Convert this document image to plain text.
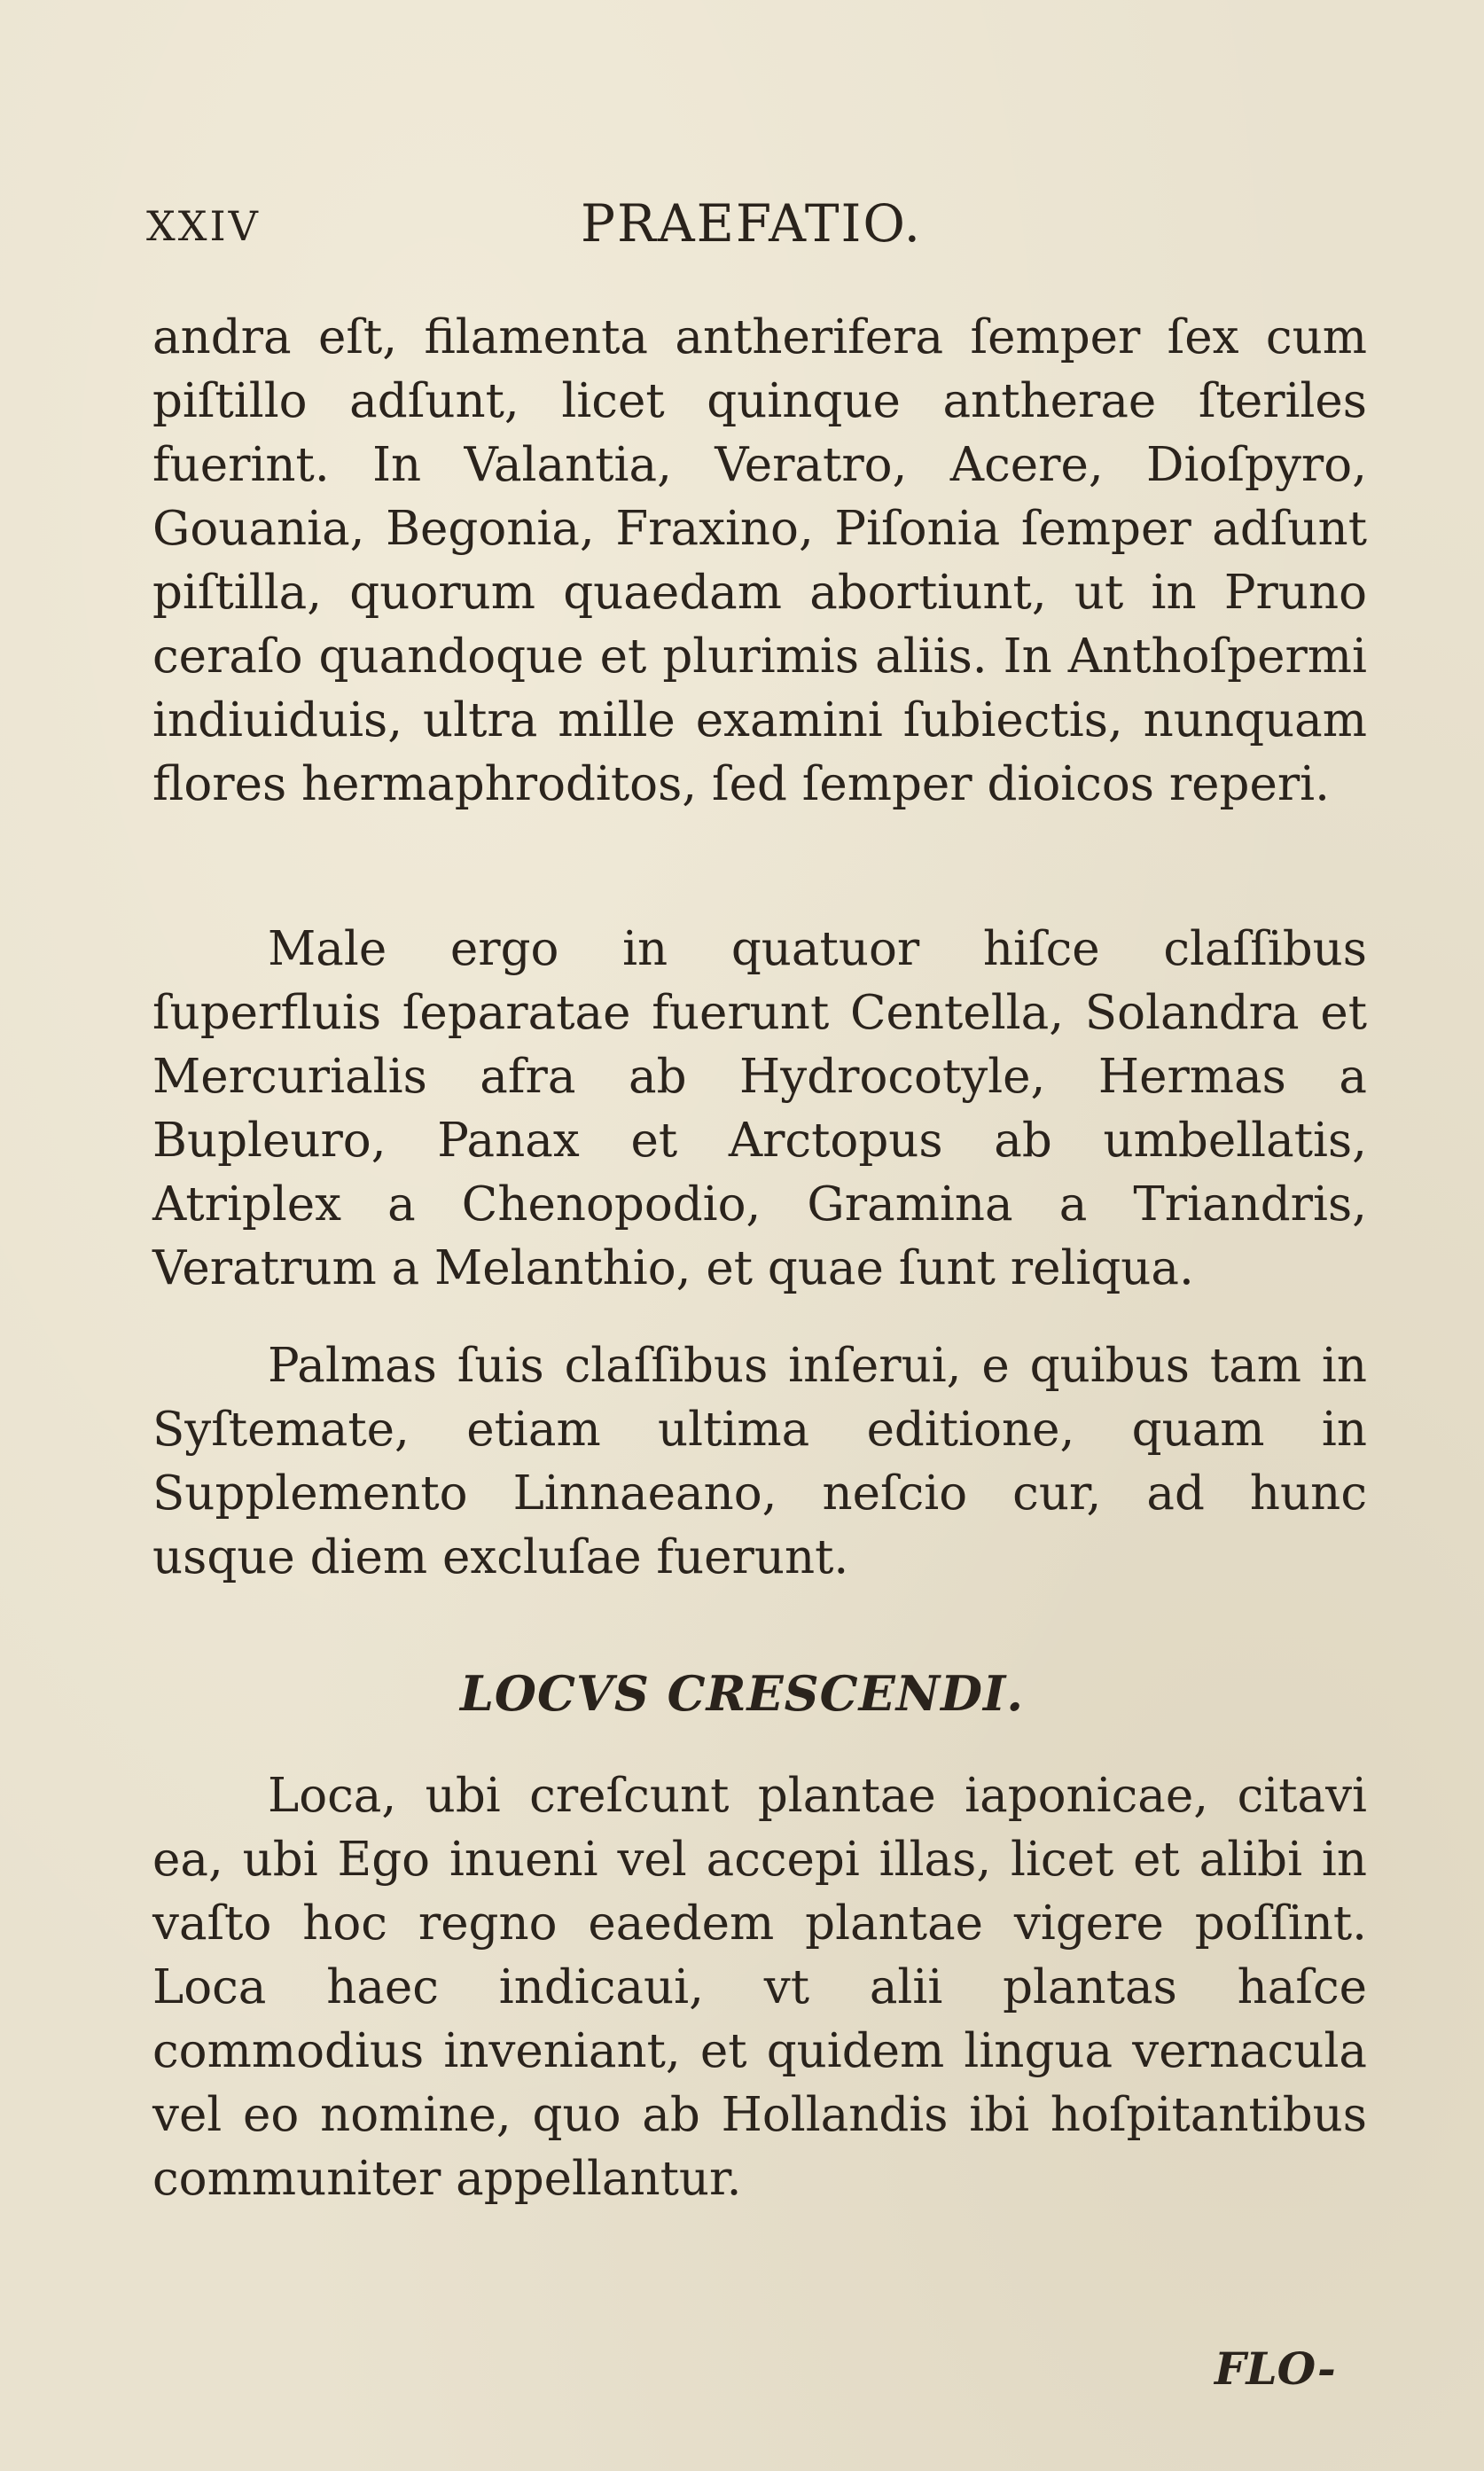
XXIV	PRAEFATIO.

andra eſt, filamenta antherifera ſemper ſex cum piſtillo adſunt, licet quinque antherae ſteriles fuerint. In Valantia, Veratro, Acere, Dioſpyro, Gouania, Begonia, Fraxino, Piſonia ſemper adſunt piſtilla, quorum quaedam abortiunt, ut in Pruno ceraſo quandoque et plurimis aliis. In Anthoſpermi indiuiduis, ultra mille examini ſubiectis, nunquam flores hermaphroditos, ſed ſemper dioicos reperi.

Male ergo in quatuor hiſce claſſibus ſuperfluis ſeparatae fuerunt Centella, Solandra et Mercurialis afra ab Hydrocotyle, Hermas a Bupleuro, Panax et Arctopus ab umbellatis, Atriplex a Chenopodio, Gramina a Triandris, Veratrum a Melanthio, et quae ſunt reliqua.

Palmas ſuis claſſibus inſerui, e quibus tam in Syſtemate, etiam ultima editione, quam in Supplemento Linnaeano, neſcio cur, ad hunc usque diem excluſae fuerunt.

LOCVS CRESCENDI.

Loca, ubi creſcunt plantae iaponicae, citavi ea, ubi Ego inueni vel accepi illas, licet et alibi in vaſto hoc regno eaedem plantae vigere poſſint. Loca haec indicaui, vt alii plantas haſce commodius inveniant, et quidem lingua vernacula vel eo nomine, quo ab Hollandis ibi hoſpitantibus communiter appellantur.

FLO-
